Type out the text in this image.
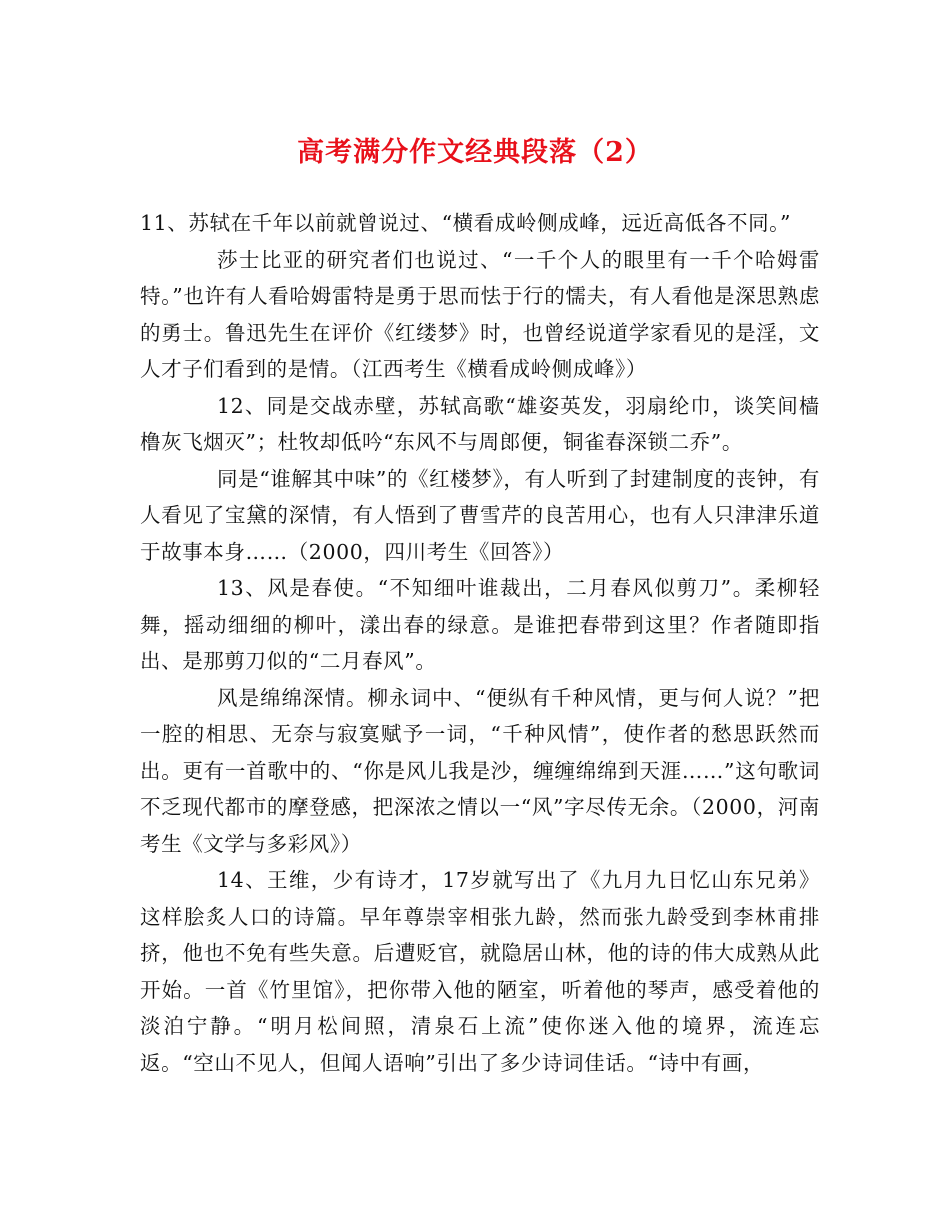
高考满分作文经典段落（2）

11、苏轼在千年以前就曾说过、“横看成岭侧成峰，远近高低各不同。”

莎士比亚的研究者们也说过、“一千个人的眼里有一千个哈姆雷特。”也许有人看哈姆雷特是勇于思而怯于行的懦夫，有人看他是深思熟虑的勇士。鲁迅先生在评价《红缕梦》时，也曾经说道学家看见的是淫，文人才子们看到的是情。（江西考生《横看成岭侧成峰》）

12、同是交战赤壁，苏轼高歌“雄姿英发，羽扇纶巾，谈笑间樯橹灰飞烟灭”；杜牧却低吟“东风不与周郎便，铜雀春深锁二乔”。

同是“谁解其中味”的《红楼梦》，有人听到了封建制度的丧钟，有人看见了宝黛的深情，有人悟到了曹雪芹的良苦用心，也有人只津津乐道于故事本身……（2000，四川考生《回答》）

13、风是春使。“不知细叶谁裁出，二月春风似剪刀”。柔柳轻舞，摇动细细的柳叶，漾出春的绿意。是谁把春带到这里？作者随即指出、是那剪刀似的“二月春风”。

风是绵绵深情。柳永词中、“便纵有千种风情，更与何人说？”把一腔的相思、无奈与寂寞赋予一词，“千种风情”，使作者的愁思跃然而出。更有一首歌中的、“你是风儿我是沙，缠缠绵绵到天涯……”这句歌词不乏现代都市的摩登感，把深浓之情以一“风”字尽传无余。（2000，河南考生《文学与多彩风》）

14、王维，少有诗才，17岁就写出了《九月九日忆山东兄弟》这样脍炙人口的诗篇。早年尊崇宰相张九龄，然而张九龄受到李林甫排挤，他也不免有些失意。后遭贬官，就隐居山林，他的诗的伟大成熟从此开始。一首《竹里馆》，把你带入他的陋室，听着他的琴声，感受着他的淡泊宁静。“明月松间照，清泉石上流”使你迷入他的境界，流连忘返。“空山不见人，但闻人语响”引出了多少诗词佳话。“诗中有画，
